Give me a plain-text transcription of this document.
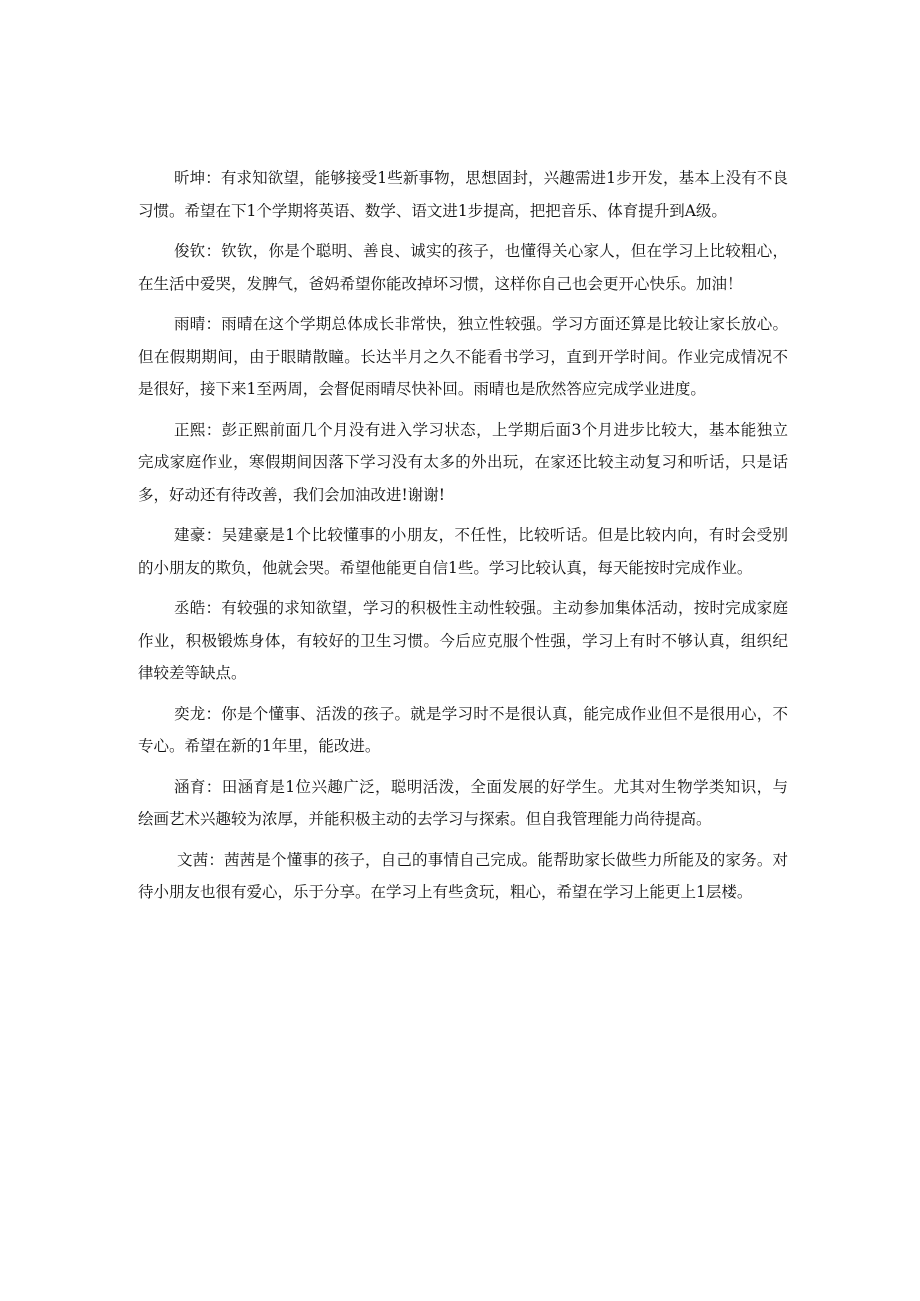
昕坤：有求知欲望，能够接受1些新事物，思想固封，兴趣需进1步开发，基本上没有不良习惯。希望在下1个学期将英语、数学、语文进1步提高，把把音乐、体育提升到A级。

俊钦：钦钦，你是个聪明、善良、诚实的孩子，也懂得关心家人，但在学习上比较粗心，在生活中爱哭，发脾气，爸妈希望你能改掉坏习惯，这样你自己也会更开心快乐。加油！

雨晴：雨晴在这个学期总体成长非常快，独立性较强。学习方面还算是比较让家长放心。但在假期期间，由于眼睛散瞳。长达半月之久不能看书学习，直到开学时间。作业完成情况不是很好，接下来1至两周，会督促雨晴尽快补回。雨晴也是欣然答应完成学业进度。

正熙：彭正熙前面几个月没有进入学习状态，上学期后面3个月进步比较大，基本能独立完成家庭作业，寒假期间因落下学习没有太多的外出玩，在家还比较主动复习和听话，只是话多，好动还有待改善，我们会加油改进!谢谢!

建豪：吴建豪是1个比较懂事的小朋友，不任性，比较听话。但是比较内向，有时会受别的小朋友的欺负，他就会哭。希望他能更自信1些。学习比较认真，每天能按时完成作业。

丞皓：有较强的求知欲望，学习的积极性主动性较强。主动参加集体活动，按时完成家庭作业，积极锻炼身体，有较好的卫生习惯。今后应克服个性强，学习上有时不够认真，组织纪律较差等缺点。

奕龙：你是个懂事、活泼的孩子。就是学习时不是很认真，能完成作业但不是很用心，不专心。希望在新的1年里，能改进。

涵育：田涵育是1位兴趣广泛，聪明活泼，全面发展的好学生。尤其对生物学类知识，与绘画艺术兴趣较为浓厚，并能积极主动的去学习与探索。但自我管理能力尚待提高。

文茜：茜茜是个懂事的孩子，自己的事情自己完成。能帮助家长做些力所能及的家务。对待小朋友也很有爱心，乐于分享。在学习上有些贪玩，粗心，希望在学习上能更上1层楼。
